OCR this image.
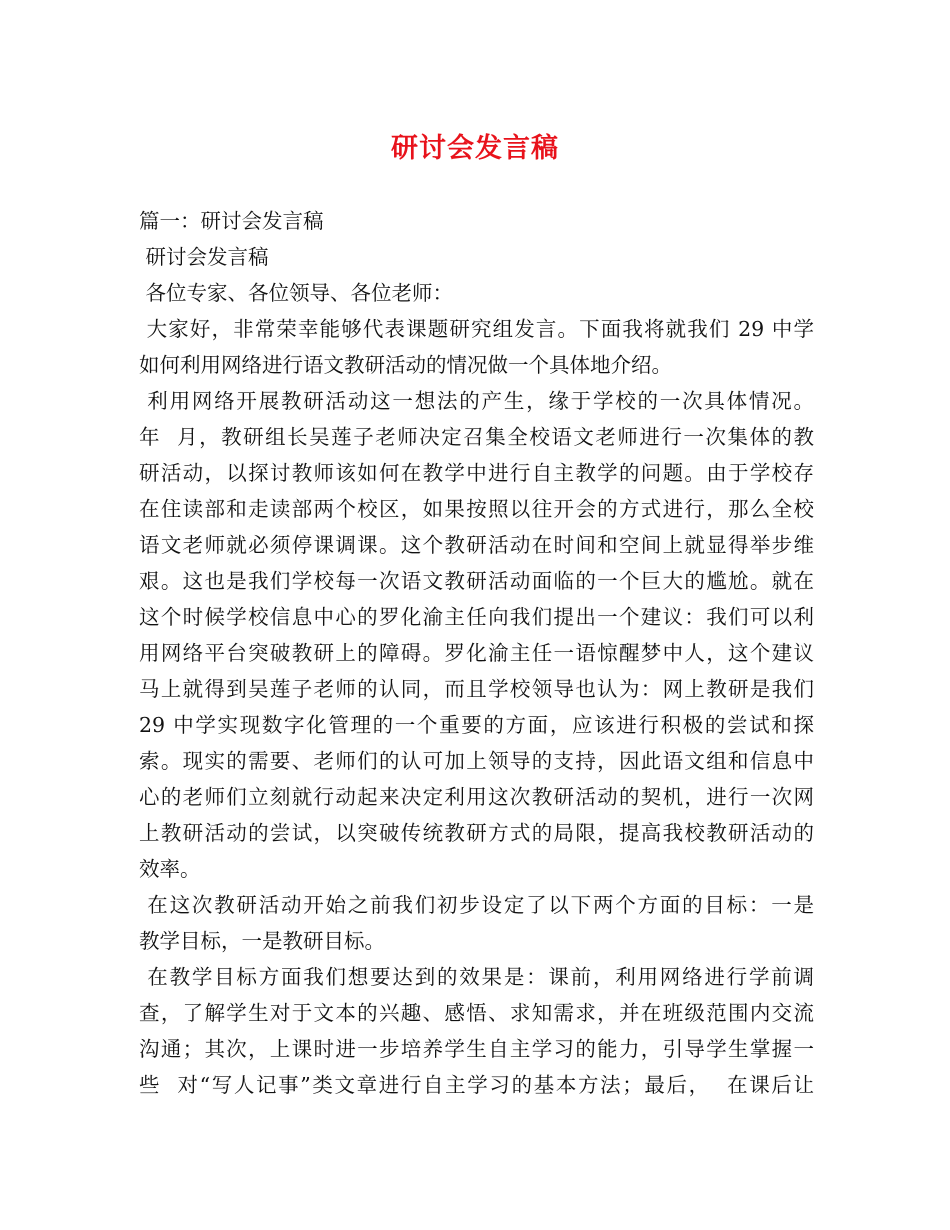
研讨会发言稿
篇一：研讨会发言稿
研讨会发言稿
各位专家、各位领导、各位老师：
大家好，非常荣幸能够代表课题研究组发言。下面我将就我们 29 中学
如何利用网络进行语文教研活动的情况做一个具体地介绍。
利用网络开展教研活动这一想法的产生，缘于学校的一次具体情况。
年  月，教研组长吴莲子老师决定召集全校语文老师进行一次集体的教
研活动，以探讨教师该如何在教学中进行自主教学的问题。由于学校存
在住读部和走读部两个校区，如果按照以往开会的方式进行，那么全校
语文老师就必须停课调课。这个教研活动在时间和空间上就显得举步维
艰。这也是我们学校每一次语文教研活动面临的一个巨大的尴尬。就在
这个时候学校信息中心的罗化渝主任向我们提出一个建议：我们可以利
用网络平台突破教研上的障碍。罗化渝主任一语惊醒梦中人，这个建议
马上就得到吴莲子老师的认同，而且学校领导也认为：网上教研是我们
29 中学实现数字化管理的一个重要的方面，应该进行积极的尝试和探
索。现实的需要、老师们的认可加上领导的支持，因此语文组和信息中
心的老师们立刻就行动起来决定利用这次教研活动的契机，进行一次网
上教研活动的尝试，以突破传统教研方式的局限，提高我校教研活动的
效率。
在这次教研活动开始之前我们初步设定了以下两个方面的目标：一是
教学目标，一是教研目标。
在教学目标方面我们想要达到的效果是：课前，利用网络进行学前调
查，了解学生对于文本的兴趣、感悟、求知需求，并在班级范围内交流
沟通；其次，上课时进一步培养学生自主学习的能力，引导学生掌握一
些  对“写人记事”类文章进行自主学习的基本方法；最后，  在课后让
